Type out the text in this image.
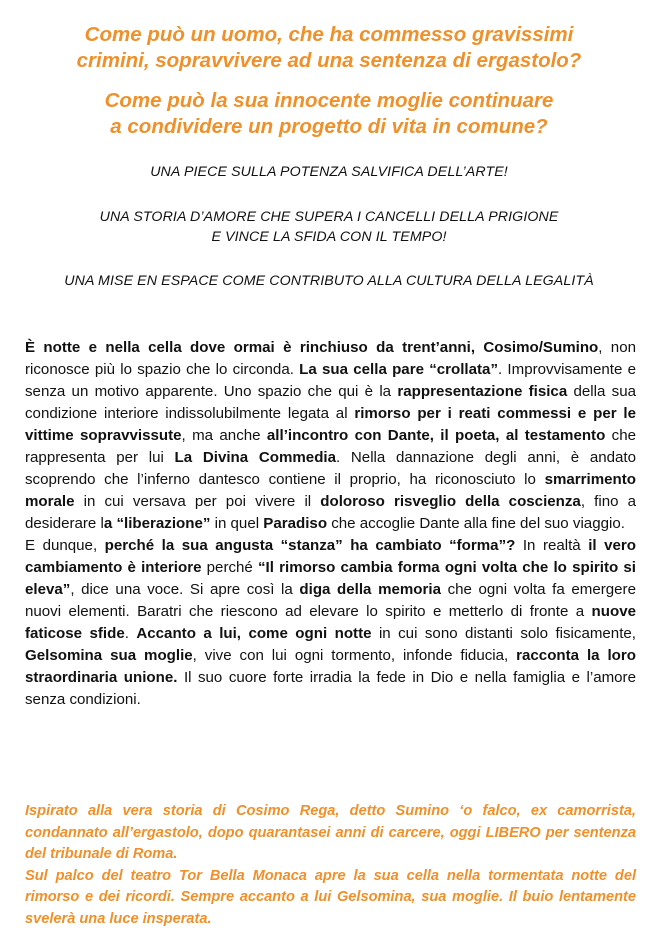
Come può un uomo, che ha commesso gravissimi
crimini, sopravvivere ad una sentenza di ergastolo?
Come può la sua innocente moglie continuare
a condividere un progetto di vita in comune?

UNA PIECE SULLA POTENZA SALVIFICA DELL’ARTE!

UNA STORIA D’AMORE CHE SUPERA I CANCELLI DELLA PRIGIONE
E VINCE LA SFIDA CON IL TEMPO!

UNA MISE EN ESPACE COME CONTRIBUTO ALLA CULTURA DELLA LEGALITÀ

È notte e nella cella dove ormai è rinchiuso da trent’anni, Cosimo/Sumino, non riconosce più lo spazio che lo circonda. La sua cella pare “crollata”. Improvvisamente e senza un motivo apparente. Uno spazio che qui è la rappresentazione fisica della sua condizione interiore indissolubilmente legata al rimorso per i reati commessi e per le vittime sopravvissute, ma anche all’incontro con Dante, il poeta, al testamento che rappresenta per lui La Divina Commedia. Nella dannazione degli anni, è andato scoprendo che l’inferno dantesco contiene il proprio, ha riconosciuto lo smarrimento morale in cui versava per poi vivere il doloroso risveglio della coscienza, fino a desiderare la “liberazione” in quel Paradiso che accoglie Dante alla fine del suo viaggio.

E dunque, perché la sua angusta “stanza” ha cambiato “forma”? In realtà il vero cambiamento è interiore perché “Il rimorso cambia forma ogni volta che lo spirito si eleva”, dice una voce. Si apre così la diga della memoria che ogni volta fa emergere nuovi elementi. Baratri che riescono ad elevare lo spirito e metterlo di fronte a nuove faticose sfide. Accanto a lui, come ogni notte in cui sono distanti solo fisicamente, Gelsomina sua moglie, vive con lui ogni tormento, infonde fiducia, racconta la loro straordinaria unione. Il suo cuore forte irradia la fede in Dio e nella famiglia e l’amore senza condizioni.

Ispirato alla vera storia di Cosimo Rega, detto Sumino ‘o falco, ex camorrista, condannato all’ergastolo, dopo quarantasei anni di carcere, oggi LIBERO per sentenza del tribunale di Roma.

Sul palco del teatro Tor Bella Monaca apre la sua cella nella tormentata notte del rimorso e dei ricordi. Sempre accanto a lui Gelsomina, sua moglie. Il buio lentamente svelerà una luce insperata.
